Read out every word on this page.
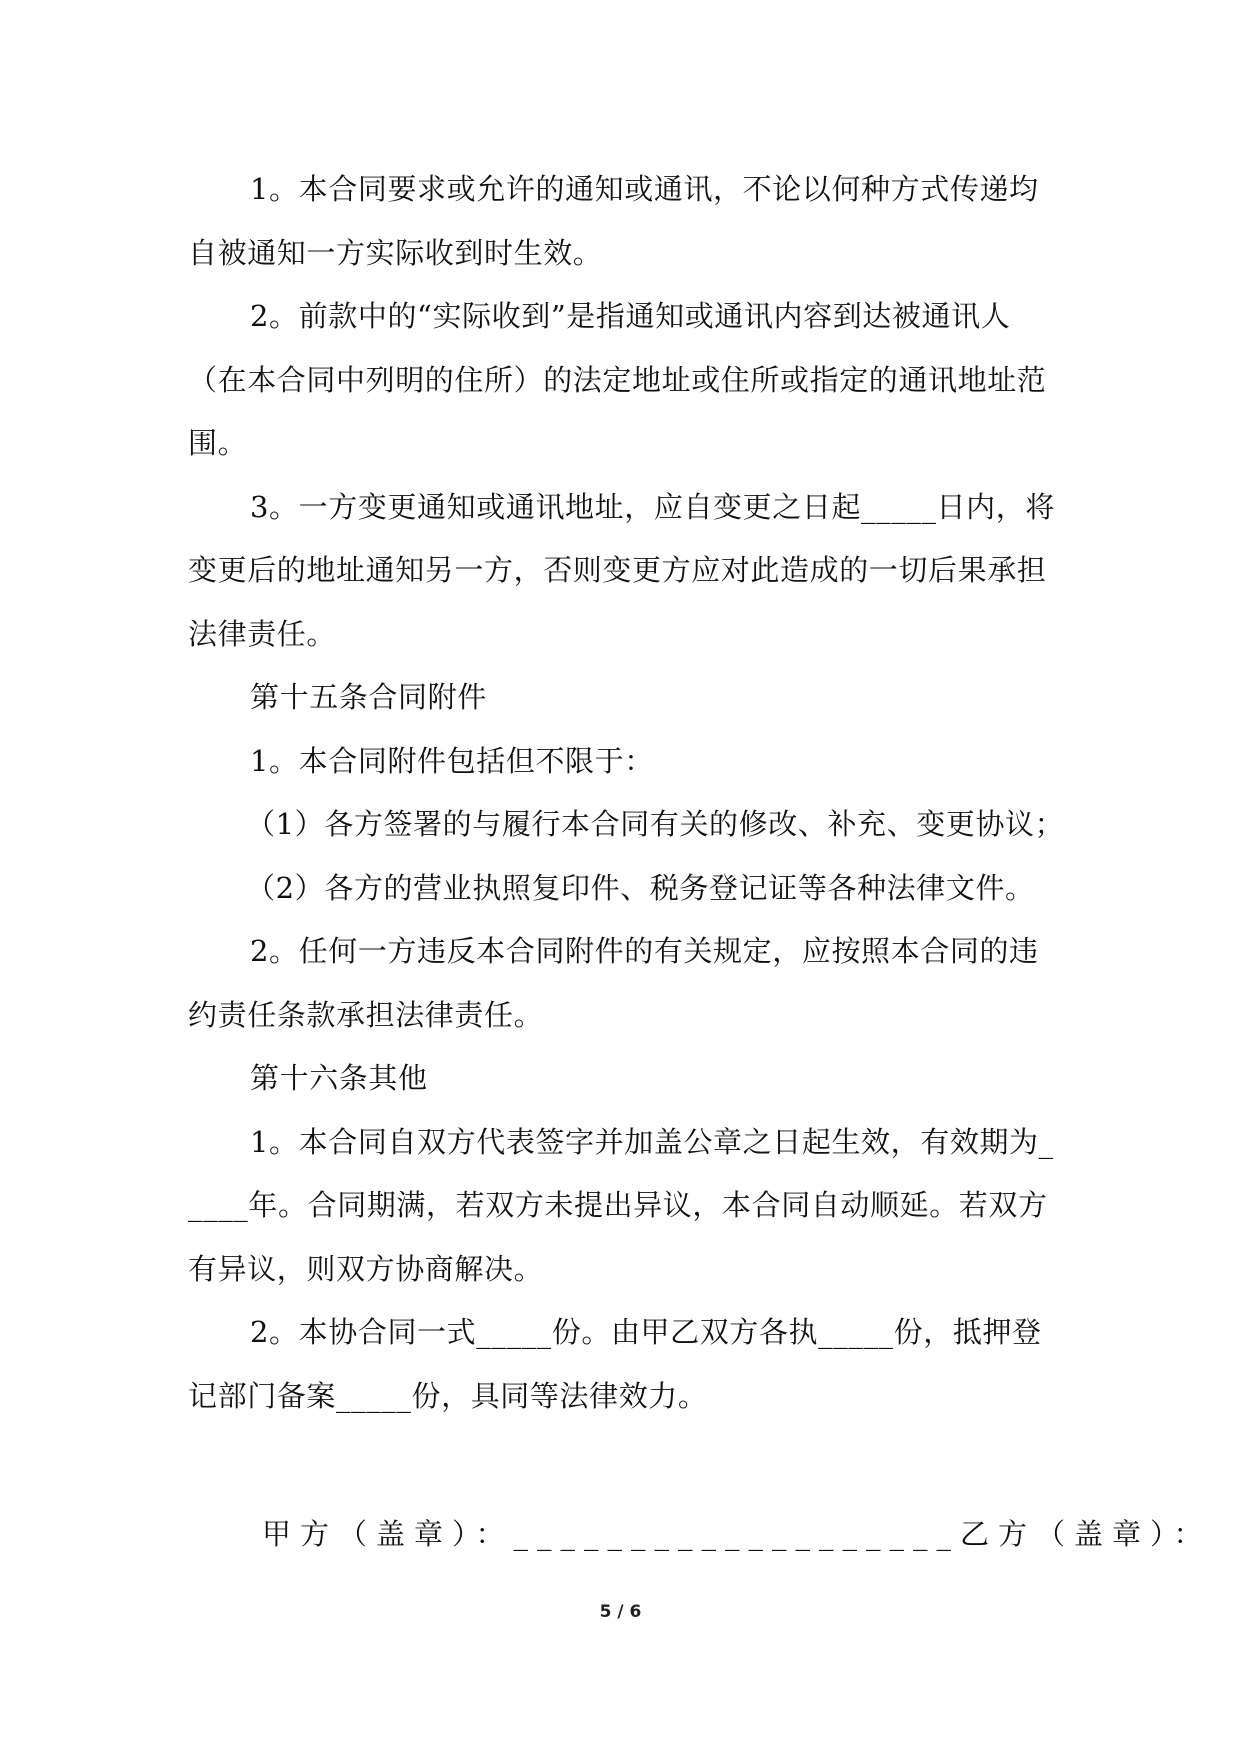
1。本合同要求或允许的通知或通讯，不论以何种方式传递均自被通知一方实际收到时生效。

2。前款中的“实际收到”是指通知或通讯内容到达被通讯人（在本合同中列明的住所）的法定地址或住所或指定的通讯地址范围。

3。一方变更通知或通讯地址，应自变更之日起_____日内，将变更后的地址通知另一方，否则变更方应对此造成的一切后果承担法律责任。

第十五条合同附件

1。本合同附件包括但不限于：

（1）各方签署的与履行本合同有关的修改、补充、变更协议；

（2）各方的营业执照复印件、税务登记证等各种法律文件。

2。任何一方违反本合同附件的有关规定，应按照本合同的违约责任条款承担法律责任。

第十六条其他

1。本合同自双方代表签字并加盖公章之日起生效，有效期为_____年。合同期满，若双方未提出异议，本合同自动顺延。若双方有异议，则双方协商解决。

2。本协合同一式_____份。由甲乙双方各执_____份，抵押登记部门备案_____份，具同等法律效力。

甲方（盖章）：___________________乙方（盖章）：
5 / 6
